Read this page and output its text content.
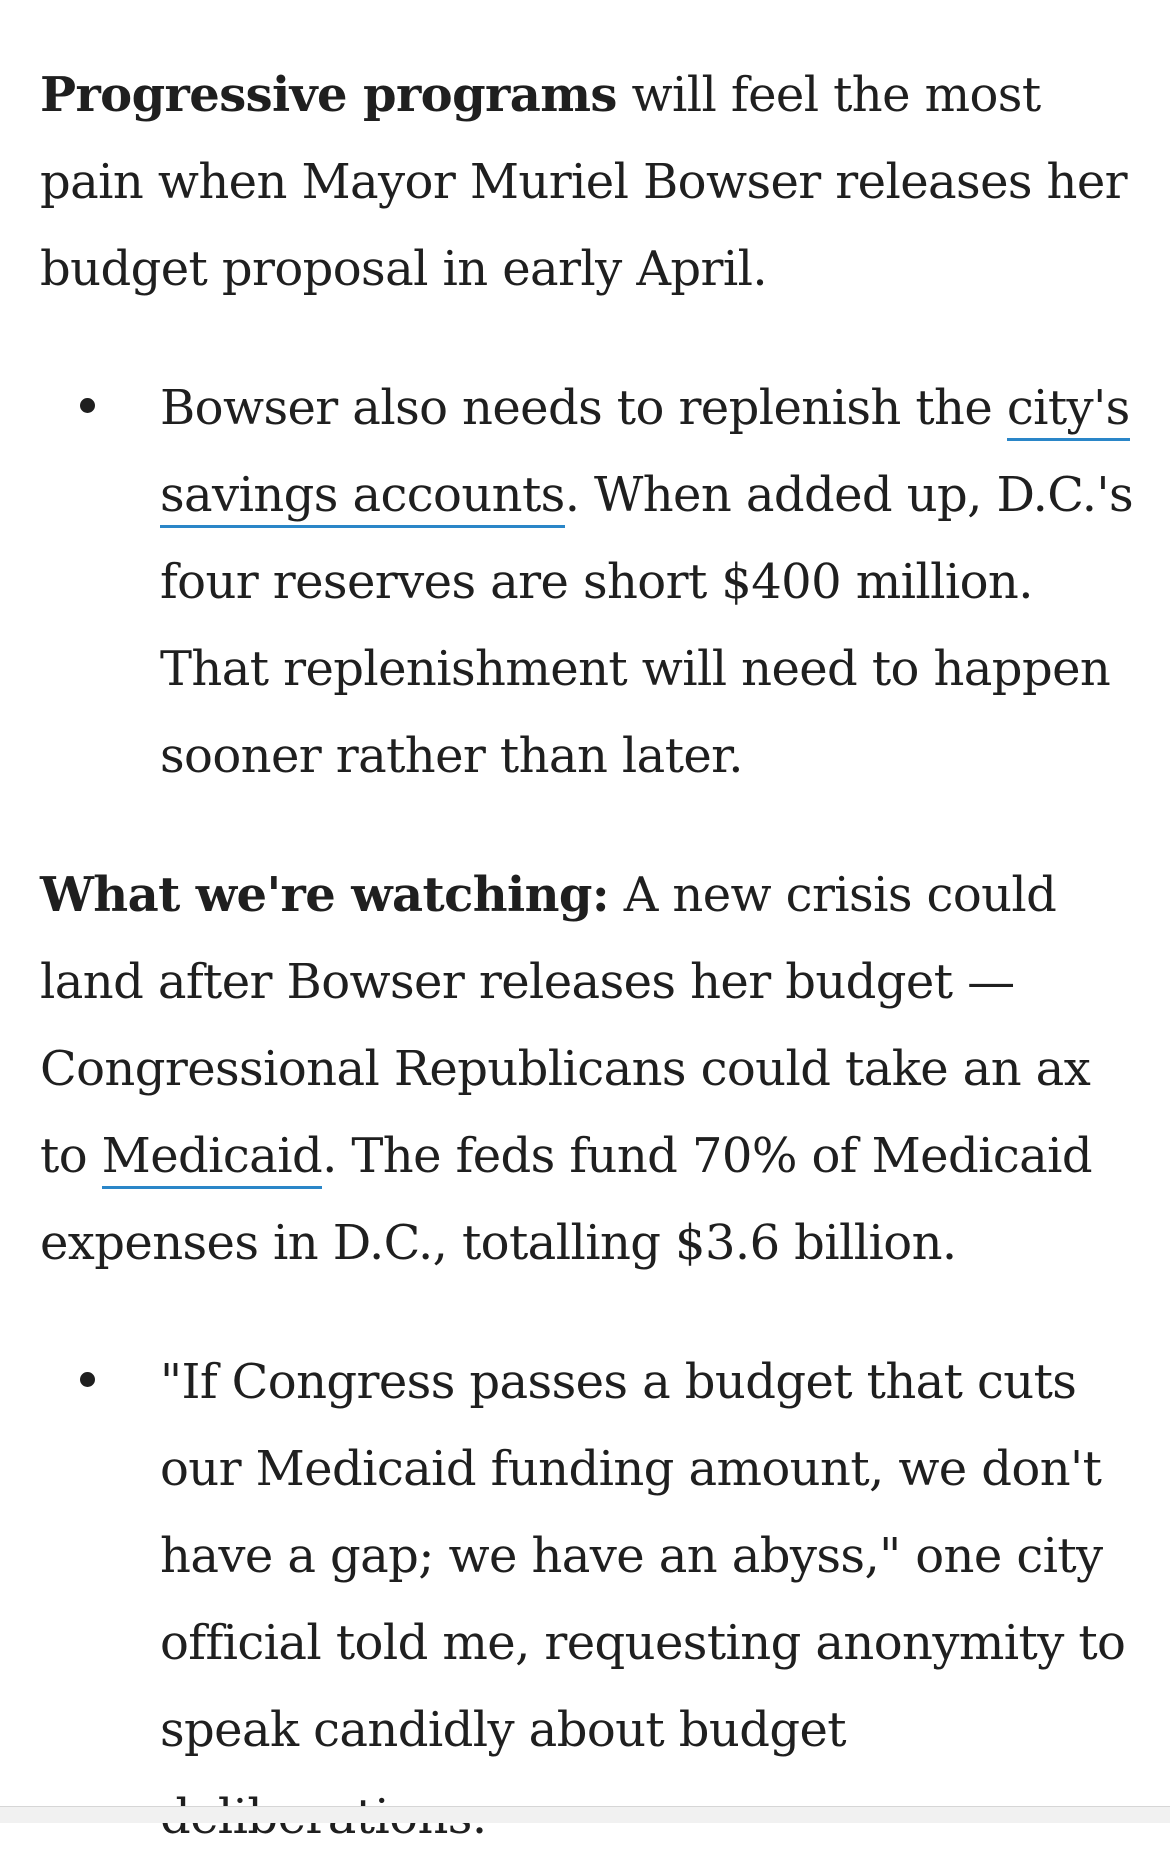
Progressive programs will feel the most pain when Mayor Muriel Bowser releases her budget proposal in early April.

Bowser also needs to replenish the city's savings accounts. When added up, D.C.'s four reserves are short $400 million. That replenishment will need to happen sooner rather than later.

What we're watching: A new crisis could land after Bowser releases her budget — Congressional Republicans could take an ax to Medicaid. The feds fund 70% of Medicaid expenses in D.C., totalling $3.6 billion.

"If Congress passes a budget that cuts our Medicaid funding amount, we don't have a gap; we have an abyss," one city official told me, requesting anonymity to speak candidly about budget
